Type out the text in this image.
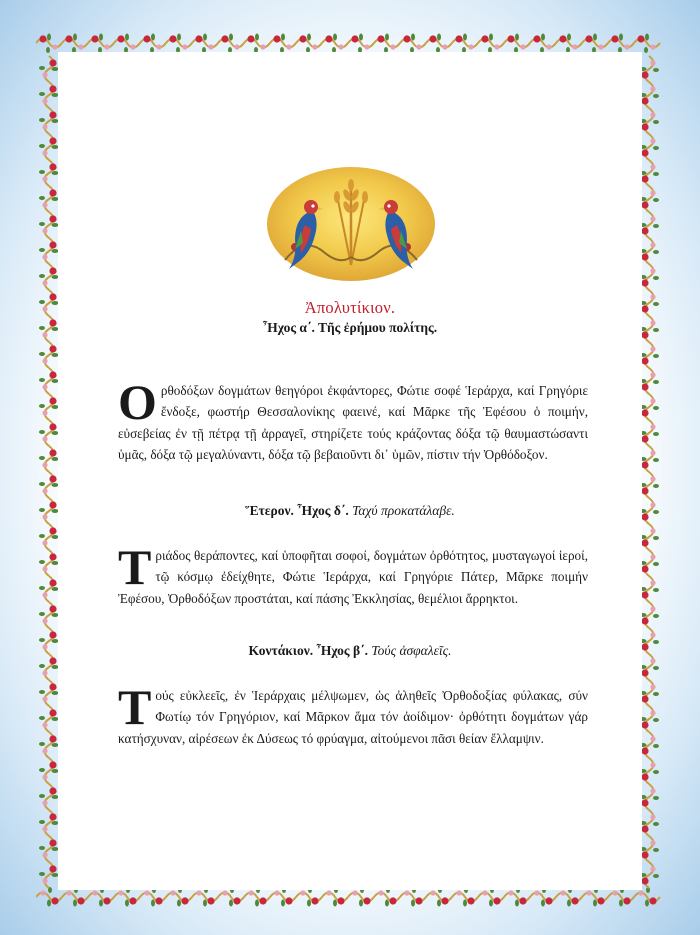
Ἀπολυτίκιον.
Ἦχος α΄. Τῆς ἐρήμου πολίτης.
Ο ρθοδόξων δογμάτων θεηγόροι ἐκφάντορες, Φώτιε σοφέ Ἱεράρχα, καί Γρηγόριε ἔνδοξε, φωστήρ Θεσσαλονίκης φαεινέ, καί Μᾶρκε τῆς Ἐφέσου ὁ ποιμήν, εὐσεβείας ἐν τῇ πέτρᾳ τῇ ἀρραγεῖ, στηρίζετε τούς κράζοντας δόξα τῷ θαυμαστώσαντι ὑμᾶς, δόξα τῷ μεγαλύναντι, δόξα τῷ βεβαιοῦντι δι᾿ ὑμῶν, πίστιν τήν Ὀρθόδοξον.
Ἕτερον. Ἦχος δ΄. Ταχύ προκατάλαβε.
Τ ριάδος θεράποντες, καί ὑποφῆται σοφοί, δογμάτων ὀρθότητος, μυσταγωγοί ἱεροί, τῷ κόσμῳ ἐδείχθητε, Φώτιε Ἱεράρχα, καί Γρηγόριε Πάτερ, Μᾶρκε ποιμήν Ἐφέσου, Ὀρθοδόξων προστάται, καί πάσης Ἐκκλησίας, θεμέλιοι ἄρρηκτοι.
Κοντάκιον. Ἦχος β΄. Τούς ἀσφαλεῖς.
Τ ούς εὐκλεεῖς, ἐν Ἱεράρχαις μέλψωμεν, ὡς ἀληθεῖς Ὀρθοδοξίας φύλακας, σύν Φωτίῳ τόν Γρηγόριον, καί Μᾶρκον ἅμα τόν ἀοίδιμον· ὀρθότητι δογμάτων γάρ κατήσχυναν, αἱρέσεων ἐκ Δύσεως τό φρύαγμα, αἰτούμενοι πᾶσι θείαν ἔλλαμψιν.
